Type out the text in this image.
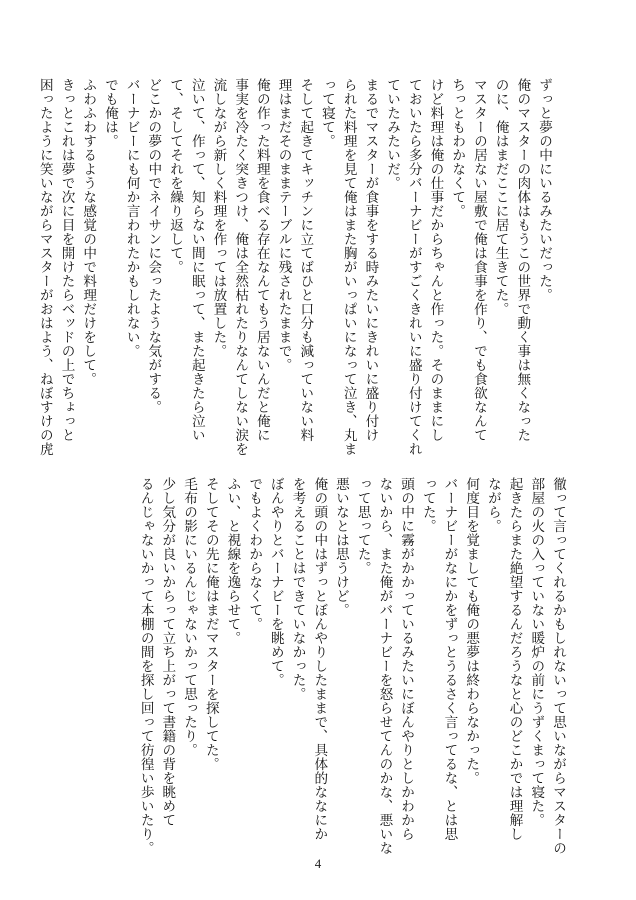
ずっと夢の中にいるみたいだった。
俺のマスターの肉体はもうこの世界で動く事は無くなった
のに、俺はまだここに居て生きてた。
マスターの居ない屋敷で俺は食事を作り、でも食欲なんて
ちっともわかなくて。
けど料理は俺の仕事だからちゃんと作った。そのままにし
ておいたら多分バーナビーがすごくきれいに盛り付けてくれ
ていたみたいだ。
まるでマスターが食事をする時みたいにきれいに盛り付け
られた料理を見て俺はまた胸がいっぱいになって泣き、丸ま
って寝て。
そして起きてキッチンに立てばひと口分も減っていない料
理はまだそのままテーブルに残されたままで。
俺の作った料理を食べる存在なんてもう居ないんだと俺に
事実を冷たく突きつけ、俺は全然枯れたりなんてしない涙を
流しながら新しく料理を作っては放置した。
泣いて、作って、知らない間に眠って、また起きたら泣い
て、そしてそれを繰り返して。
どこかの夢の中でネイサンに会ったような気がする。
バーナビーにも何か言われたかもしれない。
でも俺は。
ふわふわするような感覚の中で料理だけをして。
きっとこれは夢で次に目を開けたらベッドの上でちょっと
困ったように笑いながらマスターがおはよう、ねぼすけの虎
徹って言ってくれるかもしれないって思いながらマスターの
部屋の火の入っていない暖炉の前にうずくまって寝た。
起きたらまた絶望するんだろうなと心のどこかでは理解し
ながら。
何度目を覚ましても俺の悪夢は終わらなかった。
バーナビーがなにかをずっとうるさく言ってるな、とは思
ってた。
頭の中に霧がかかっているみたいにぼんやりとしかわから
ないから、また俺がバーナビーを怒らせてんのかな、悪いな
って思ってた。
悪いなとは思うけど。
俺の頭の中はずっとぼんやりしたままで、具体的ななにか
を考えることはできていなかった。
ぼんやりとバーナビーを眺めて。
でもよくわからなくて。
ふい、と視線を逸らせて。
そしてその先に俺はまだマスターを探してた。
毛布の影にいるんじゃないかって思ったり。
少し気分が良いからって立ち上がって書籍の背を眺めて
るんじゃないかって本棚の間を探し回って彷徨い歩いたり。
4
